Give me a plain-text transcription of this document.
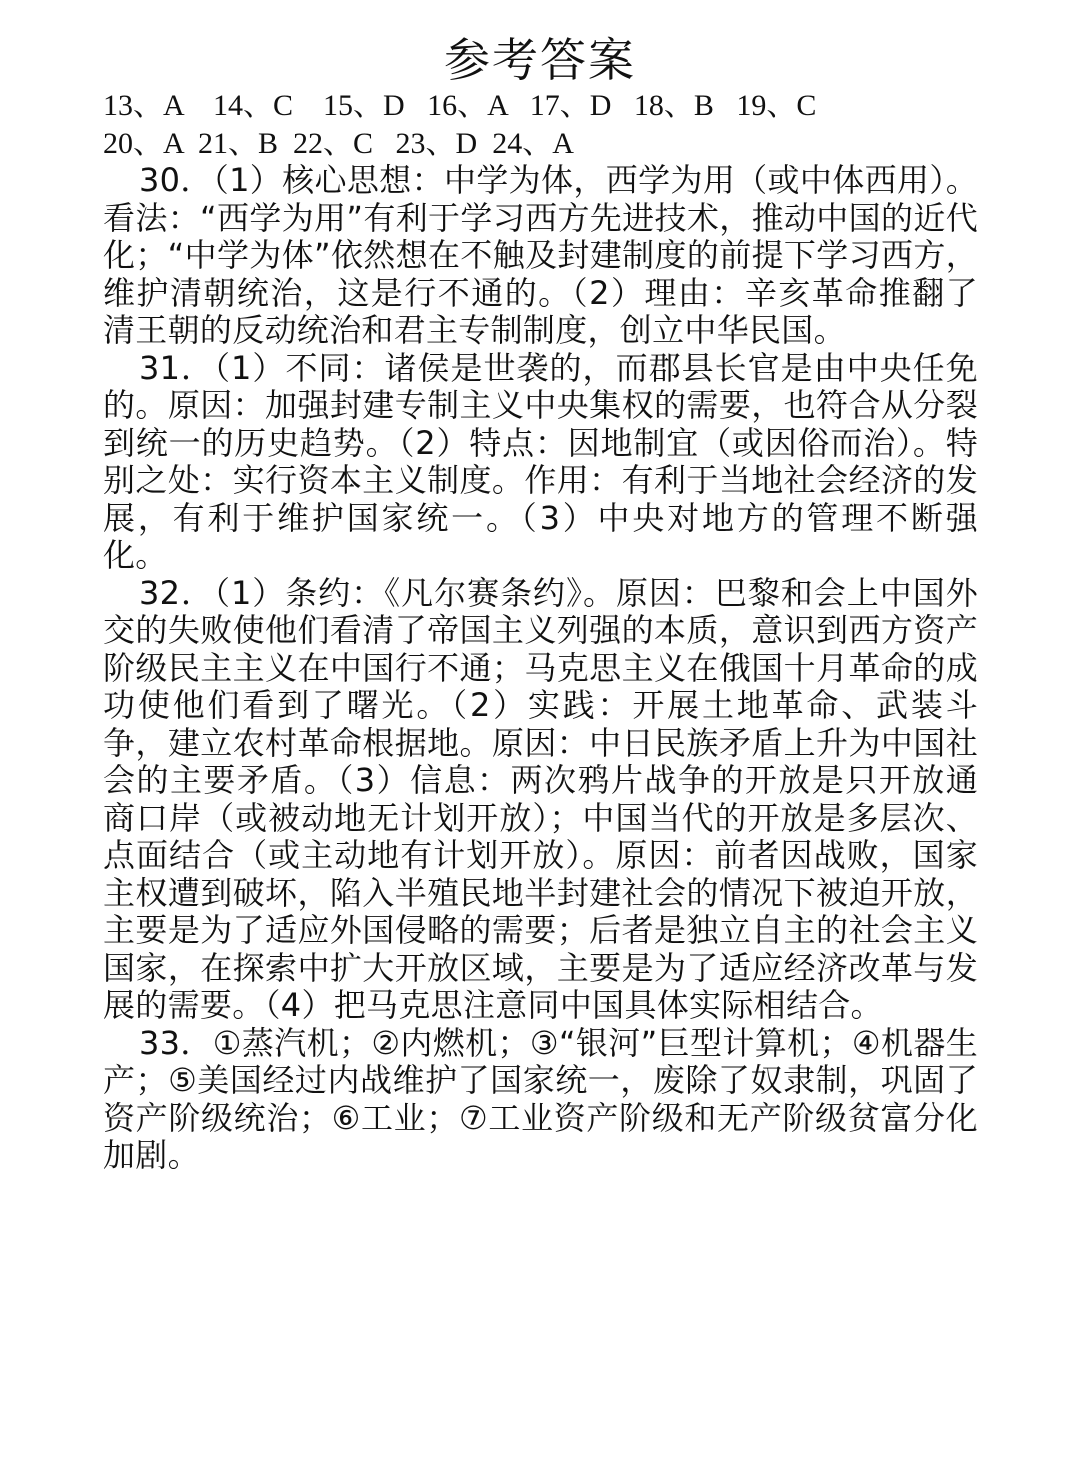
参考答案
13、A    14、C    15、D   16、A   17、D   18、B   19、C
20、A  21、B  22、C   23、D  24、A

30．（1）核心思想：中学为体，西学为用（或中体西用）。看法：“西学为用”有利于学习西方先进技术，推动中国的近代化；“中学为体”依然想在不触及封建制度的前提下学习西方，维护清朝统治，这是行不通的。（2）理由：辛亥革命推翻了清王朝的反动统治和君主专制制度，创立中华民国。

31．（1）不同：诸侯是世袭的，而郡县长官是由中央任免的。原因：加强封建专制主义中央集权的需要，也符合从分裂到统一的历史趋势。（2）特点：因地制宜（或因俗而治）。特别之处：实行资本主义制度。作用：有利于当地社会经济的发展，有利于维护国家统一。（3）中央对地方的管理不断强化。

32．（1）条约：《凡尔赛条约》。原因：巴黎和会上中国外交的失败使他们看清了帝国主义列强的本质，意识到西方资产阶级民主主义在中国行不通；马克思主义在俄国十月革命的成功使他们看到了曙光。（2）实践：开展土地革命、武装斗争，建立农村革命根据地。原因：中日民族矛盾上升为中国社会的主要矛盾。（3）信息：两次鸦片战争的开放是只开放通商口岸（或被动地无计划开放）；中国当代的开放是多层次、点面结合（或主动地有计划开放）。原因：前者因战败，国家主权遭到破坏，陷入半殖民地半封建社会的情况下被迫开放，主要是为了适应外国侵略的需要；后者是独立自主的社会主义国家，在探索中扩大开放区域，主要是为了适应经济改革与发展的需要。（4）把马克思注意同中国具体实际相结合。

33．①蒸汽机；②内燃机；③“银河”巨型计算机；④机器生产；⑤美国经过内战维护了国家统一，废除了奴隶制，巩固了资产阶级统治；⑥工业；⑦工业资产阶级和无产阶级贫富分化加剧。
